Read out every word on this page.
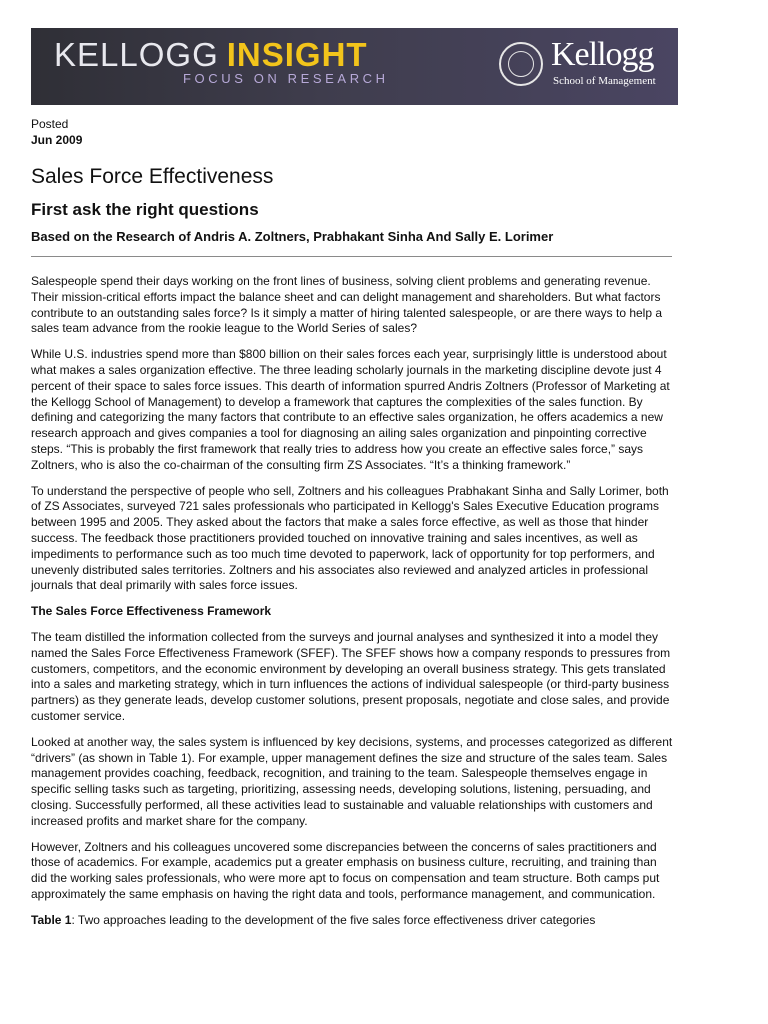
KELLOGG INSIGHT
FOCUS ON RESEARCH
Kellogg
School of Management
Posted
Jun 2009
Sales Force Effectiveness
First ask the right questions
Based on the Research of Andris A. Zoltners, Prabhakant Sinha And Sally E. Lorimer

Salespeople spend their days working on the front lines of business, solving client problems and generating revenue. Their mission-critical efforts impact the balance sheet and can delight management and shareholders. But what factors contribute to an outstanding sales force? Is it simply a matter of hiring talented salespeople, or are there ways to help a sales team advance from the rookie league to the World Series of sales?

While U.S. industries spend more than $800 billion on their sales forces each year, surprisingly little is understood about what makes a sales organization effective. The three leading scholarly journals in the marketing discipline devote just 4 percent of their space to sales force issues. This dearth of information spurred Andris Zoltners (Professor of Marketing at the Kellogg School of Management) to develop a framework that captures the complexities of the sales function. By defining and categorizing the many factors that contribute to an effective sales organization, he offers academics a new research approach and gives companies a tool for diagnosing an ailing sales organization and pinpointing corrective steps. “This is probably the first framework that really tries to address how you create an effective sales force,” says Zoltners, who is also the co-chairman of the consulting firm ZS Associates. “It’s a thinking framework.”

To understand the perspective of people who sell, Zoltners and his colleagues Prabhakant Sinha and Sally Lorimer, both of ZS Associates, surveyed 721 sales professionals who participated in Kellogg's Sales Executive Education programs between 1995 and 2005. They asked about the factors that make a sales force effective, as well as those that hinder success. The feedback those practitioners provided touched on innovative training and sales incentives, as well as impediments to performance such as too much time devoted to paperwork, lack of opportunity for top performers, and unevenly distributed sales territories. Zoltners and his associates also reviewed and analyzed articles in professional journals that deal primarily with sales force issues.

The Sales Force Effectiveness Framework

The team distilled the information collected from the surveys and journal analyses and synthesized it into a model they named the Sales Force Effectiveness Framework (SFEF). The SFEF shows how a company responds to pressures from customers, competitors, and the economic environment by developing an overall business strategy. This gets translated into a sales and marketing strategy, which in turn influences the actions of individual salespeople (or third-party business partners) as they generate leads, develop customer solutions, present proposals, negotiate and close sales, and provide customer service.

Looked at another way, the sales system is influenced by key decisions, systems, and processes categorized as different “drivers” (as shown in Table 1). For example, upper management defines the size and structure of the sales team. Sales management provides coaching, feedback, recognition, and training to the team. Salespeople themselves engage in specific selling tasks such as targeting, prioritizing, assessing needs, developing solutions, listening, persuading, and closing. Successfully performed, all these activities lead to sustainable and valuable relationships with customers and increased profits and market share for the company.

However, Zoltners and his colleagues uncovered some discrepancies between the concerns of sales practitioners and those of academics. For example, academics put a greater emphasis on business culture, recruiting, and training than did the working sales professionals, who were more apt to focus on compensation and team structure. Both camps put approximately the same emphasis on having the right data and tools, performance management, and communication.

Table 1: Two approaches leading to the development of the five sales force effectiveness driver categories
